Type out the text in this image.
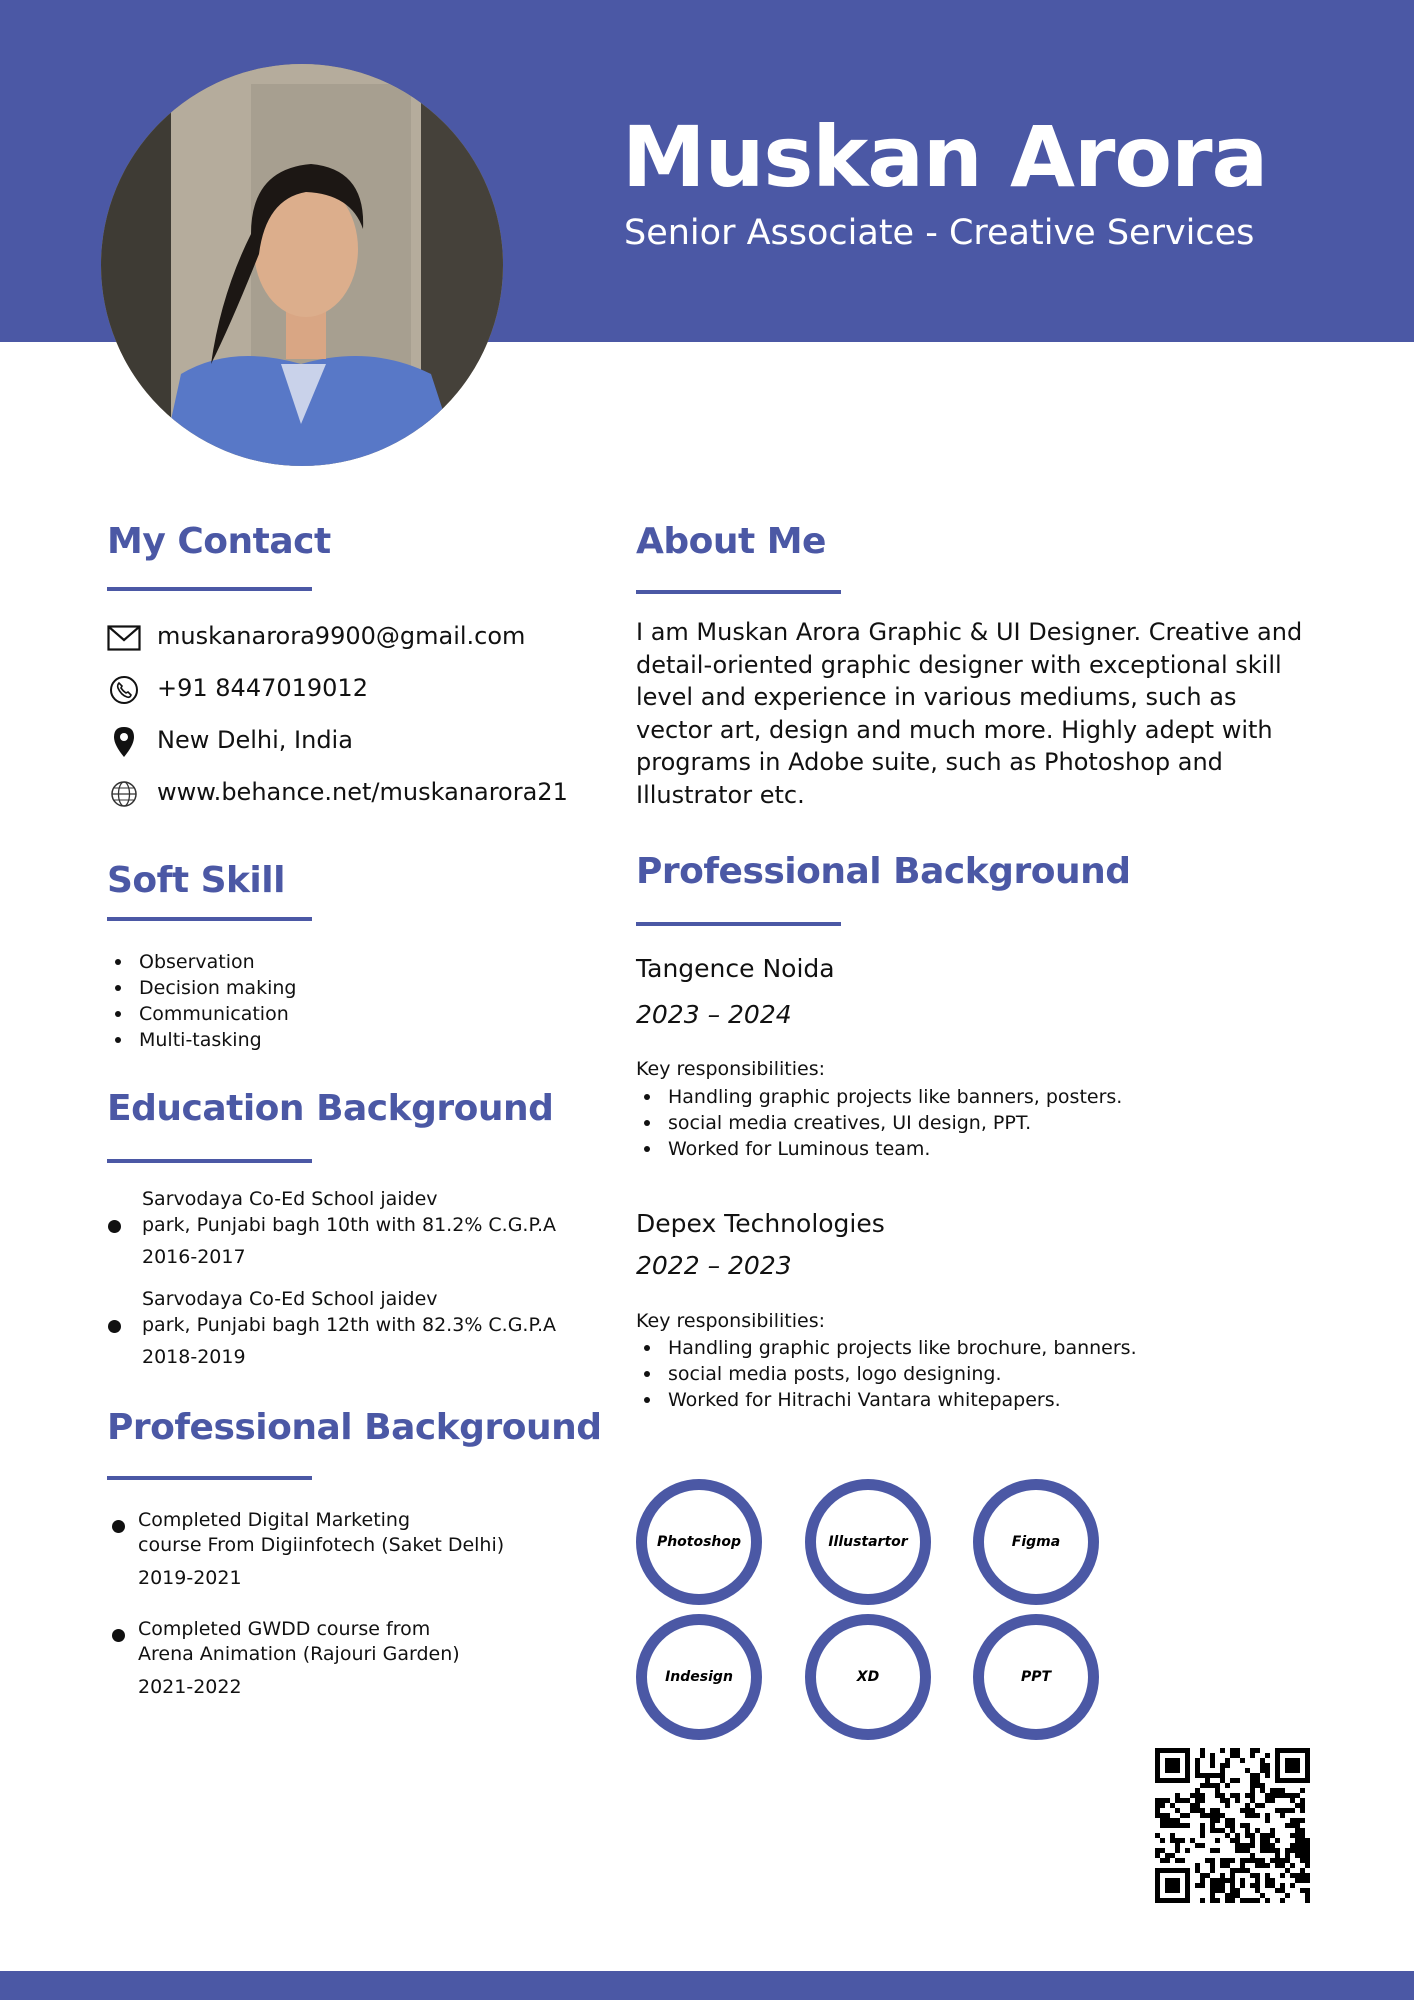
Muskan Arora
Senior Associate - Creative Services
My Contact
muskanarora9900@gmail.com
+91 8447019012
New Delhi, India
www.behance.net/muskanarora21
Soft Skill
Observation
Decision making
Communication
Multi-tasking
Education Background
Sarvodaya Co-Ed School jaidev
park, Punjabi bagh 10th with 81.2% C.G.P.A
2016-2017
Sarvodaya Co-Ed School jaidev
park, Punjabi bagh 12th with 82.3% C.G.P.A
2018-2019
Professional Background
Completed Digital Marketing
course From Digiinfotech (Saket Delhi)
2019-2021
Completed GWDD course from
Arena Animation (Rajouri Garden)
2021-2022
About Me
I am Muskan Arora Graphic & UI Designer. Creative and detail-oriented graphic designer with exceptional skill level and experience in various mediums, such as vector art, design and much more. Highly adept with programs in Adobe suite, such as Photoshop and Illustrator etc.
Professional Background
Tangence Noida
2023 – 2024
Key responsibilities:
Handling graphic projects like banners, posters.
social media creatives, UI design, PPT.
Worked for Luminous team.
Depex Technologies
2022 – 2023
Key responsibilities:
Handling graphic projects like brochure, banners.
social media posts, logo designing.
Worked for Hitrachi Vantara whitepapers.
Photoshop	Illustartor	Figma
Indesign	XD	PPT
